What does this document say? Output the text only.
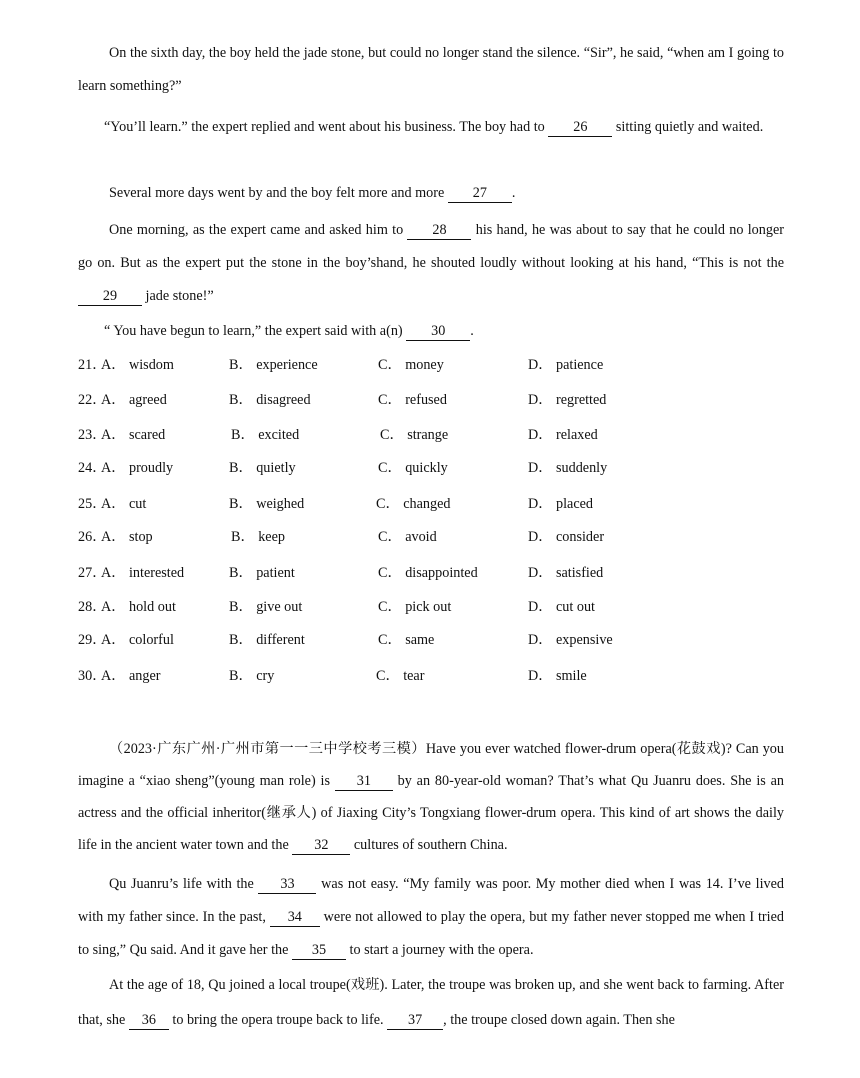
On the sixth day, the boy held the jade stone, but could no longer stand the silence. “Sir”, he said, “when am I going to learn something?”

“You’ll learn.” the expert replied and went about his business. The boy had to 26 sitting quietly and waited.

Several more days went by and the boy felt more and more 27 .

One morning, as the expert came and asked him to 28 his hand, he was about to say that he could no longer go on. But as the expert put the stone in the boy’shand, he shouted loudly without looking at his hand, “This is not the 29 jade stone!”

“ You have begun to learn,” the expert said with a(n) 30 .

21．
A． wisdom	B． experience	C． money	D． patience
22．
A． agreed	B． disagreed	C． refused	D． regretted
23．
A． scared	B． excited	C． strange	D． relaxed
24．
A． proudly	B． quietly	C． quickly	D． suddenly
25．
A． cut	B． weighed	C． changed	D． placed
26．
A． stop	B． keep	C． avoid	D． consider
27．
A． interested	B． patient	C． disappointed	D． satisfied
28．
A． hold out	B． give out	C． pick out	D． cut out
29．
A． colorful	B． different	C． same	D． expensive
30．
A． anger	B． cry	C． tear	D． smile

（2023·广东广州·广州市第一一三中学校考三模）Have you ever watched flower-drum opera(花鼓戏)? Can you imagine a “xiao sheng”(young man role) is 31 by an 80-year-old woman? That’s what Qu Juanru does. She is an actress and the official inheritor(继承人) of Jiaxing City’s Tongxiang flower-drum opera. This kind of art shows the daily life in the ancient water town and the 32 cultures of southern China.

Qu Juanru’s life with the 33 was not easy. “My family was poor. My mother died when I was 14. I’ve lived with my father since. In the past, 34 were not allowed to play the opera, but my father never stopped me when I tried to sing,” Qu said. And it gave her the 35 to start a journey with the opera.

At the age of 18, Qu joined a local troupe(戏班). Later, the troupe was broken up, and she went back to farming. After that, she 36 to bring the opera troupe back to life. 37 , the troupe closed down again. Then she
